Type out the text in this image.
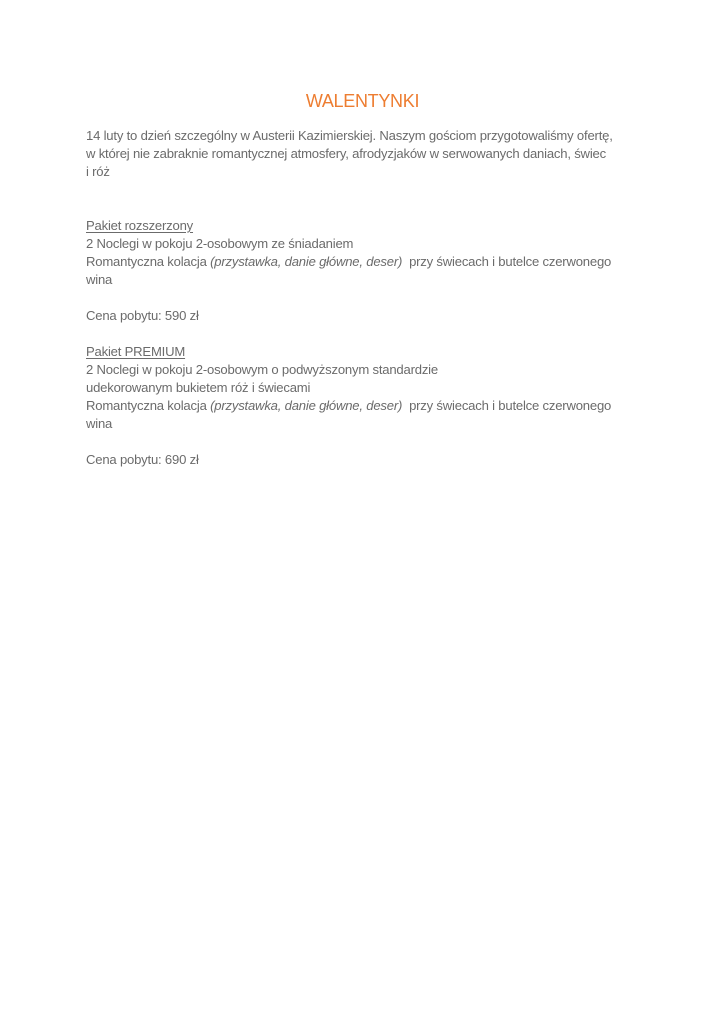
WALENTYNKI
14 luty to dzień szczególny w Austerii Kazimierskiej. Naszym gościom przygotowaliśmy ofertę,
w której nie zabraknie romantycznej atmosfery, afrodyzjaków w serwowanych daniach, świec
i róż
Pakiet rozszerzony
2 Noclegi w pokoju 2-osobowym ze śniadaniem
Romantyczna kolacja (przystawka, danie główne, deser)  przy świecach i butelce czerwonego
wina
Cena pobytu: 590 zł
Pakiet PREMIUM
2 Noclegi w pokoju 2-osobowym o podwyższonym standardzie
udekorowanym bukietem róż i świecami
Romantyczna kolacja (przystawka, danie główne, deser)  przy świecach i butelce czerwonego
wina
Cena pobytu: 690 zł
